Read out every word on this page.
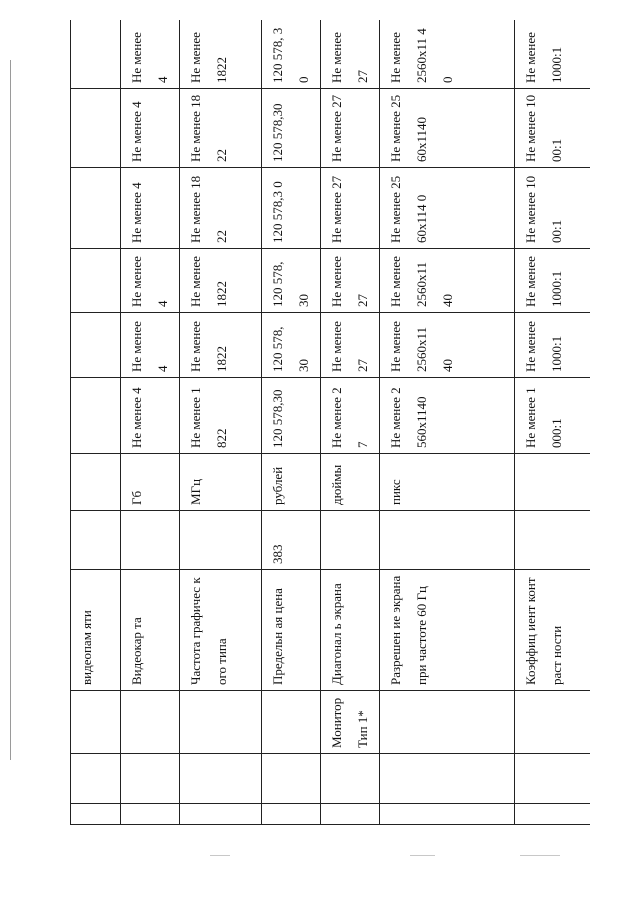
			видеопам яти								
			Видеокар та		Гб	Не менее 4	Не менее 4	Не менее 4	Не менее 4	Не менее 4	Не менее 4
			Частота графичес кого типа		МГц	Не менее 1822	Не менее 1822	Не менее 1822	Не менее 1822	Не менее 1822	Не менее 1822
			Предельн ая цена	383	рублей	120 578,30	120 578, 30	120 578, 30	120 578,3 0	120 578,30	120 578, 30
		Монитор Тип 1*	Диагонал ь экрана		дюймы	Не менее 27	Не менее 27	Не менее 27	Не менее 27	Не менее 27	Не менее 27
			Разрешен ие экрана при частоте 60 Гц		пикс	Не менее 2560x1140	Не менее 2560x11 40	Не менее 2560x11 40	Не менее 2560x114 0	Не менее 2560x1140	Не менее 2560x11 40
			Коэффиц иент контраст ности			Не менее 1000:1	Не менее 1000:1	Не менее 1000:1	Не менее 1000:1	Не менее 1000:1	Не менее 1000:1
